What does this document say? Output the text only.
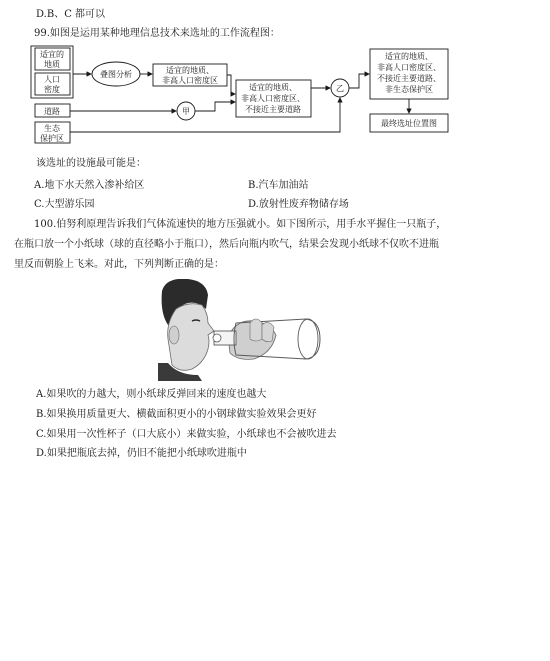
D.B、C 都可以
99.如图是运用某种地理信息技术来选址的工作流程图：
适宜的
地质
人口
密度
道路
生态
保护区
叠图分析	适宜的地质、
非高人口密度区
甲
适宜的地质、
非高人口密度区、
不接近主要道路
乙
适宜的地质、
非高人口密度区、
不接近主要道路、
非生态保护区
最终选址位置图
该选址的设施最可能是：
A.地下水天然入渗补给区	B.汽车加油站
C.大型游乐园	D.放射性废弃物储存场
100.伯努利原理告诉我们气体流速快的地方压强就小。如下图所示，用手水平握住一只瓶子，
在瓶口放一个小纸球（球的直径略小于瓶口），然后向瓶内吹气，结果会发现小纸球不仅吹不进瓶
里反而朝脸上飞来。对此，下列判断正确的是：
A.如果吹的力越大，则小纸球反弹回来的速度也越大
B.如果换用质量更大、横截面积更小的小钢球做实验效果会更好
C.如果用一次性杯子（口大底小）来做实验，小纸球也不会被吹进去
D.如果把瓶底去掉，仍旧不能把小纸球吹进瓶中
